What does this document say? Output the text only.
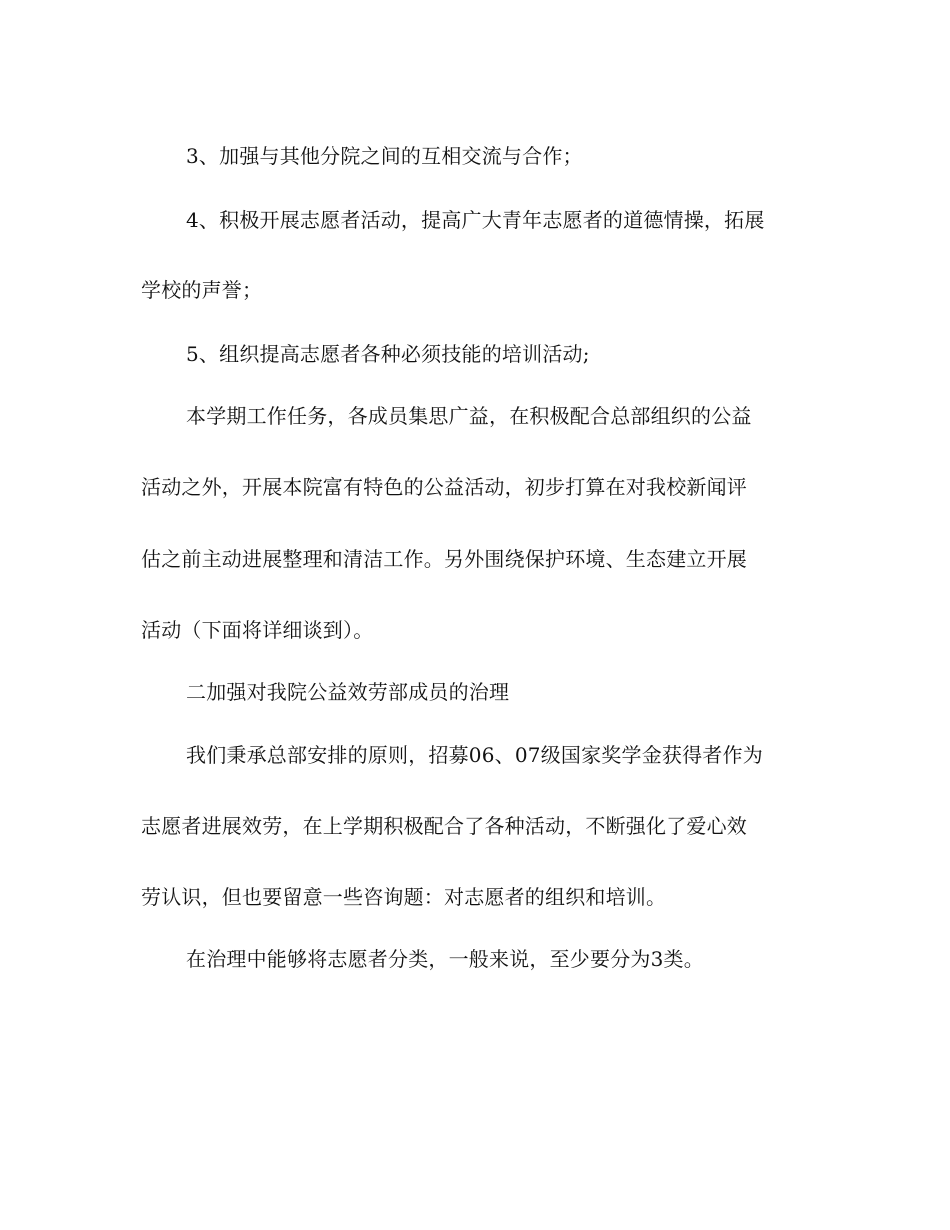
3、加强与其他分院之间的互相交流与合作；
4、积极开展志愿者活动，提高广大青年志愿者的道德情操，拓展
学校的声誉；
5、组织提高志愿者各种必须技能的培训活动;
本学期工作任务，各成员集思广益，在积极配合总部组织的公益
活动之外，开展本院富有特色的公益活动，初步打算在对我校新闻评
估之前主动进展整理和清洁工作。另外围绕保护环境、生态建立开展
活动（下面将详细谈到）。
二加强对我院公益效劳部成员的治理
我们秉承总部安排的原则，招募06、07级国家奖学金获得者作为
志愿者进展效劳，在上学期积极配合了各种活动，不断强化了爱心效
劳认识，但也要留意一些咨询题：对志愿者的组织和培训。
在治理中能够将志愿者分类，一般来说，至少要分为3类。
